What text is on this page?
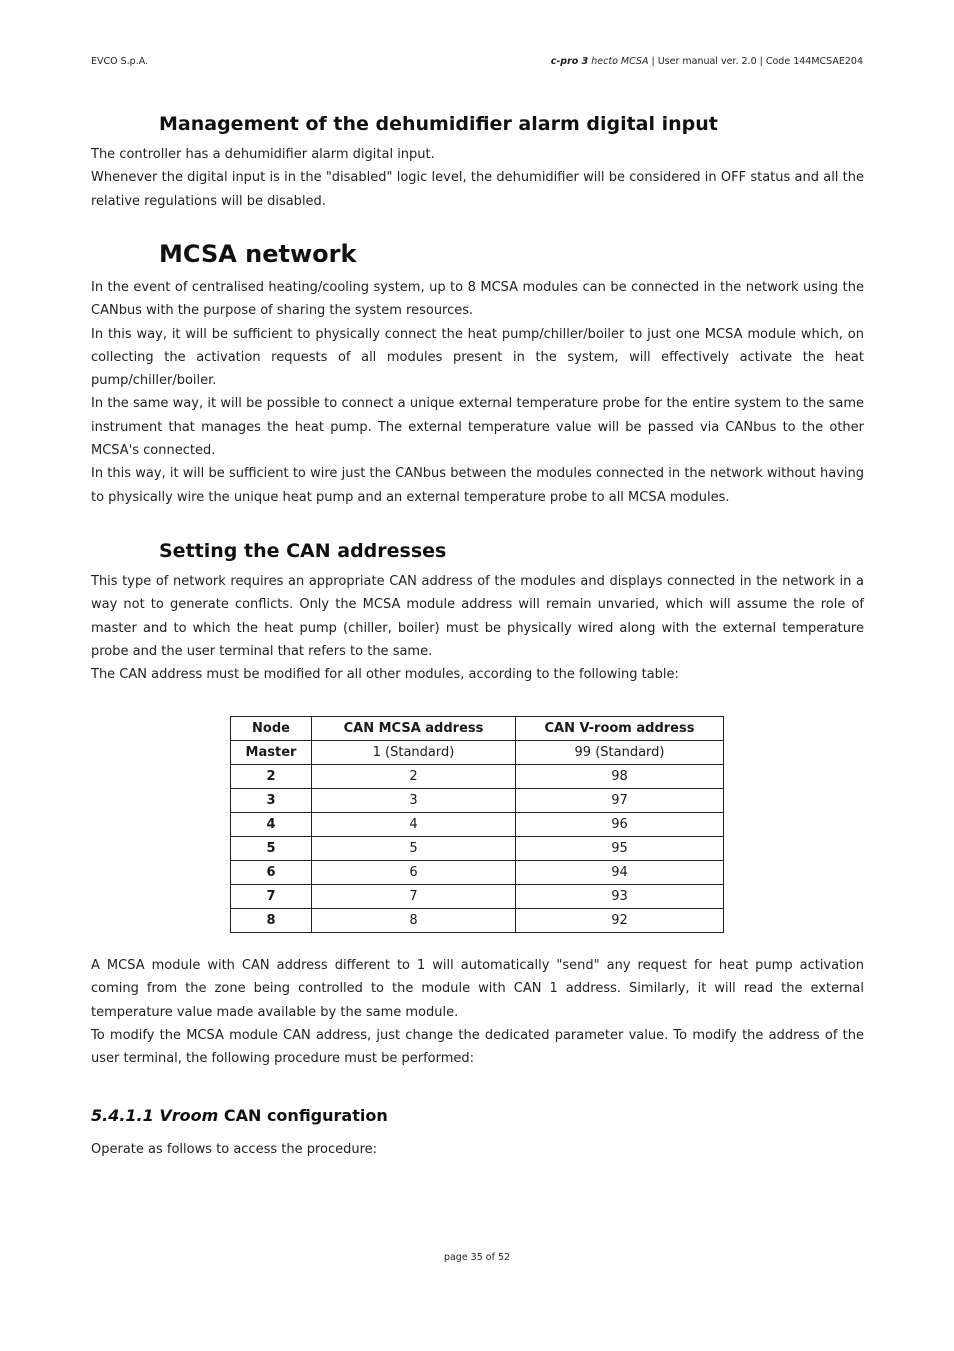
EVCO S.p.A.	c-pro 3 hecto MCSA | User manual ver. 2.0 | Code 144MCSAE204
Management of the dehumidifier alarm digital input

The controller has a dehumidifier alarm digital input.

Whenever the digital input is in the "disabled" logic level, the dehumidifier will be considered in OFF status and all the relative regulations will be disabled.

MCSA network

In the event of centralised heating/cooling system, up to 8 MCSA modules can be connected in the network using the CANbus with the purpose of sharing the system resources.

In this way, it will be sufficient to physically connect the heat pump/chiller/boiler to just one MCSA module which, on collecting the activation requests of all modules present in the system, will effectively activate the heat pump/chiller/boiler.

In the same way, it will be possible to connect a unique external temperature probe for the entire system to the same instrument that manages the heat pump. The external temperature value will be passed via CANbus to the other MCSA's connected.

In this way, it will be sufficient to wire just the CANbus between the modules connected in the network without having to physically wire the unique heat pump and an external temperature probe to all MCSA modules.

Setting the CAN addresses

This type of network requires an appropriate CAN address of the modules and displays connected in the network in a way not to generate conflicts. Only the MCSA module address will remain unvaried, which will assume the role of master and to which the heat pump (chiller, boiler) must be physically wired along with the external temperature probe and the user terminal that refers to the same.

The CAN address must be modified for all other modules, according to the following table:

Node	CAN MCSA address	CAN V-room address
Master	1 (Standard)	99 (Standard)
2	2	98
3	3	97
4	4	96
5	5	95
6	6	94
7	7	93
8	8	92

A MCSA module with CAN address different to 1 will automatically "send" any request for heat pump activation coming from the zone being controlled to the module with CAN 1 address. Similarly, it will read the external temperature value made available by the same module.

To modify the MCSA module CAN address, just change the dedicated parameter value. To modify the address of the user terminal, the following procedure must be performed:

5.4.1.1 Vroom CAN configuration

Operate as follows to access the procedure:

page 35 of 52
